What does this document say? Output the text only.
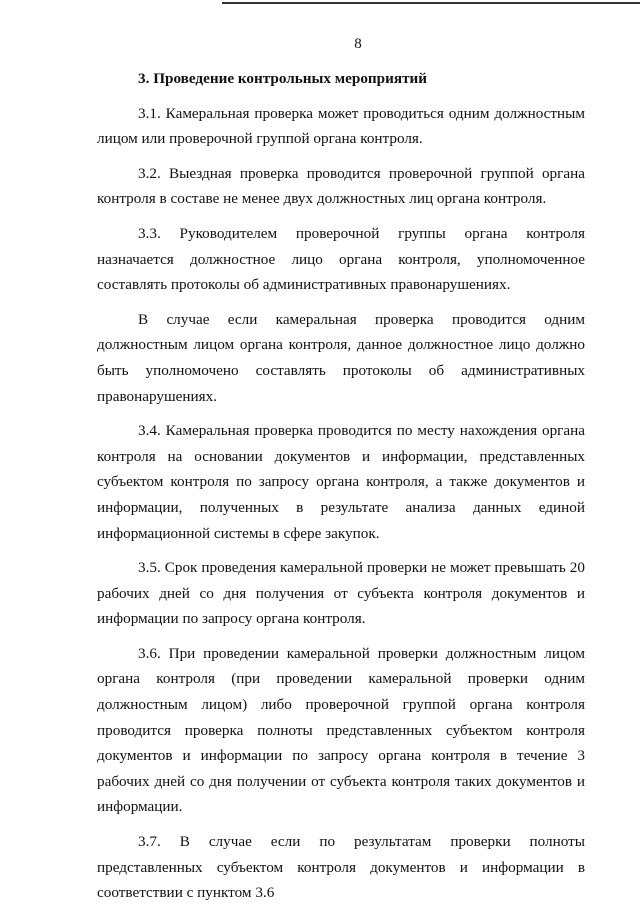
8

3. Проведение контрольных мероприятий

3.1. Камеральная проверка может проводиться одним должностным лицом или проверочной группой органа контроля.

3.2. Выездная проверка проводится проверочной группой органа контроля в составе не менее двух должностных лиц органа контроля.

3.3. Руководителем проверочной группы органа контроля назначается должностное лицо органа контроля, уполномоченное составлять протоколы об административных правонарушениях.

В случае если камеральная проверка проводится одним должностным лицом органа контроля, данное должностное лицо должно быть уполномочено составлять протоколы об административных правонарушениях.

3.4. Камеральная проверка проводится по месту нахождения органа контроля на основании документов и информации, представленных субъектом контроля по запросу органа контроля, а также документов и информации, полученных в результате анализа данных единой информационной системы в сфере закупок.

3.5. Срок проведения камеральной проверки не может превышать 20 рабочих дней со дня получения от субъекта контроля документов и информации по запросу органа контроля.

3.6. При проведении камеральной проверки должностным лицом органа контроля (при проведении камеральной проверки одним должностным лицом) либо проверочной группой органа контроля проводится проверка полноты представленных субъектом контроля документов и информации по запросу органа контроля в течение 3 рабочих дней со дня получении от субъекта контроля таких документов и информации.

3.7. В случае если по результатам проверки полноты представленных субъектом контроля документов и информации в соответствии с пунктом 3.6
